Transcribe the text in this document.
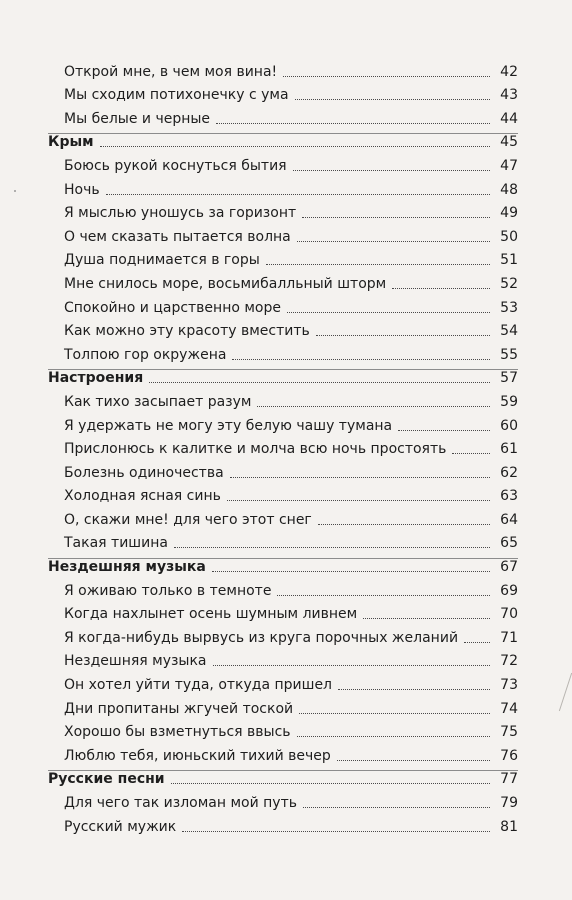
Открой мне, в чем моя вина!	42
Мы сходим потихонечку с ума	43
Мы белые и черные	44
Крым	45
Боюсь рукой коснуться бытия	47
Ночь	48
Я мыслью уношусь за горизонт	49
О чем сказать пытается волна	50
Душа поднимается в горы	51
Мне снилось море, восьмибалльный шторм	52
Спокойно и царственно море	53
Как можно эту красоту вместить	54
Толпою гор окружена	55
Настроения	57
Как тихо засыпает разум	59
Я удержать не могу эту белую чашу тумана	60
Прислонюсь к калитке и молча всю ночь простоять	61
Болезнь одиночества	62
Холодная ясная синь	63
О, скажи мне! для чего этот снег	64
Такая тишина	65
Нездешняя музыка	67
Я оживаю только в темноте	69
Когда нахлынет осень шумным ливнем	70
Я когда-нибудь вырвусь из круга порочных желаний	71
Нездешняя музыка	72
Он хотел уйти туда, откуда пришел	73
Дни пропитаны жгучей тоской	74
Хорошо бы взметнуться ввысь	75
Люблю тебя, июньский тихий вечер	76
Русские песни	77
Для чего так изломан мой путь	79
Русский мужик	81
